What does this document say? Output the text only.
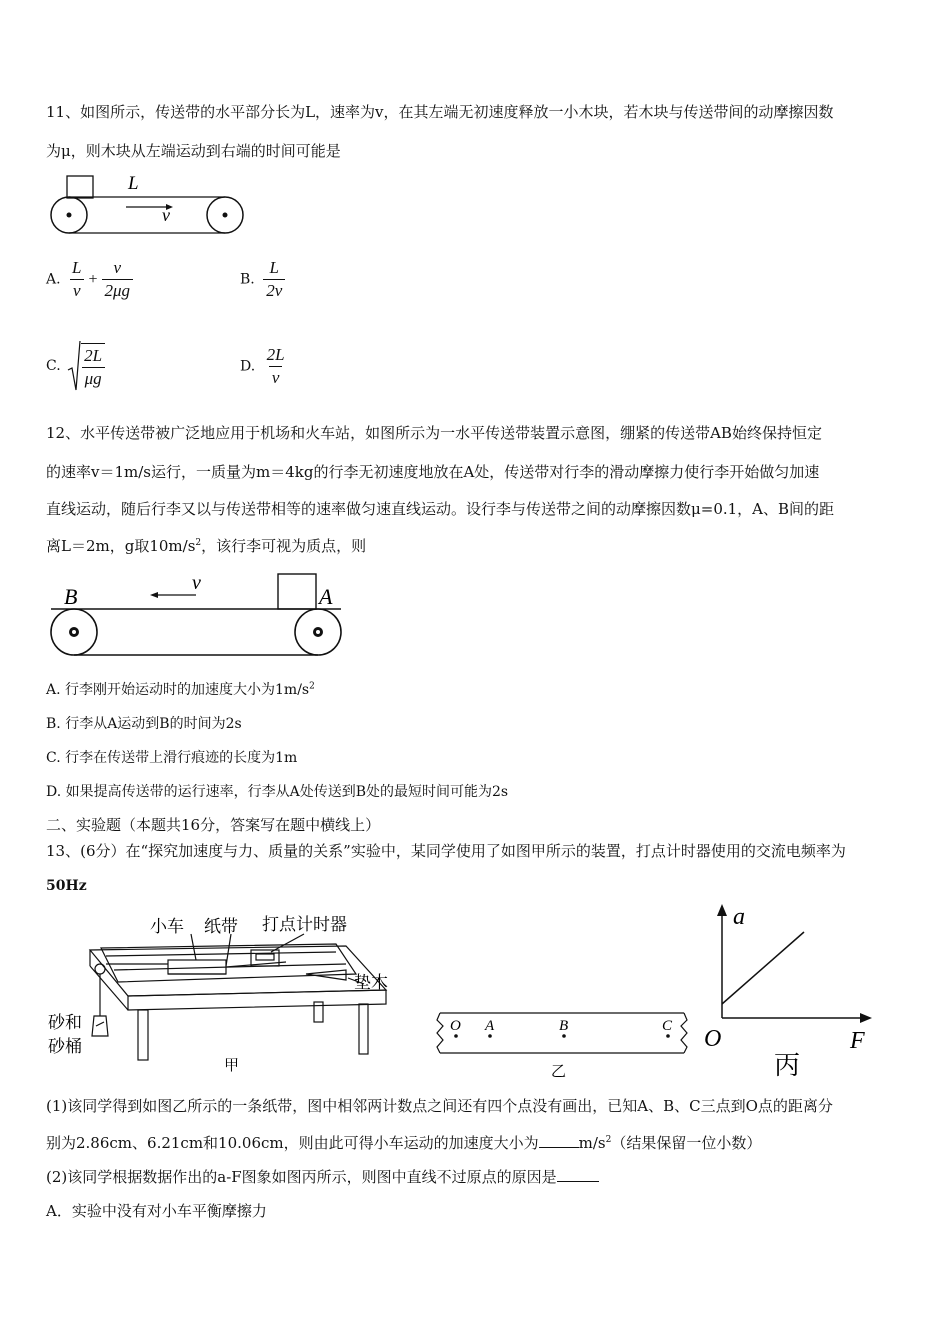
11、如图所示，传送带的水平部分长为L，速率为v，在其左端无初速度释放一小木块，若木块与传送带间的动摩擦因数
为μ，则木块从左端运动到右端的时间可能是
L
v
A. $\frac{L}{v} + \frac{v}{2\mu g}$	B. $\frac{L}{2v}$
C. $\frac{2L}{\mu g}$	D. $\frac{2L}{v}$
12、水平传送带被广泛地应用于机场和火车站，如图所示为一水平传送带装置示意图，绷紧的传送带AB始终保持恒定
的速率v＝1m/s运行，一质量为m＝4kg的行李无初速度地放在A处，传送带对行李的滑动摩擦力使行李开始做匀加速
直线运动，随后行李又以与传送带相等的速率做匀速直线运动。设行李与传送带之间的动摩擦因数μ=0.1，A、B间的距
离L＝2m，g取$10m/s^2$，该行李可视为质点，则
B	A
v
A. 行李刚开始运动时的加速度大小为$1m/s^2$
B. 行李从A运动到B的时间为2s
C. 行李在传送带上滑行痕迹的长度为1m
D. 如果提高传送带的运行速率，行李从A处传送到B处的最短时间可能为2s
二、实验题（本题共16分，答案写在题中横线上）
13、(6分）在“探究加速度与力、质量的关系”实验中，某同学使用了如图甲所示的装置，打点计时器使用的交流电频率为
50Hz
小车 纸带 打点计时器
垫木
砂和
砂桶
甲
O A	B	C
乙
a
O	F
丙
(1)该同学得到如图乙所示的一条纸带，图中相邻两计数点之间还有四个点没有画出，已知A、B、C三点到O点的距离分
别为2.86cm、6.21cm和10.06cm，则由此可得小车运动的加速度大小为	$m/s^2$（结果保留一位小数）
(2)该同学根据数据作出的a-F图象如图丙所示，则图中直线不过原点的原因是
A．实验中没有对小车平衡摩擦力
